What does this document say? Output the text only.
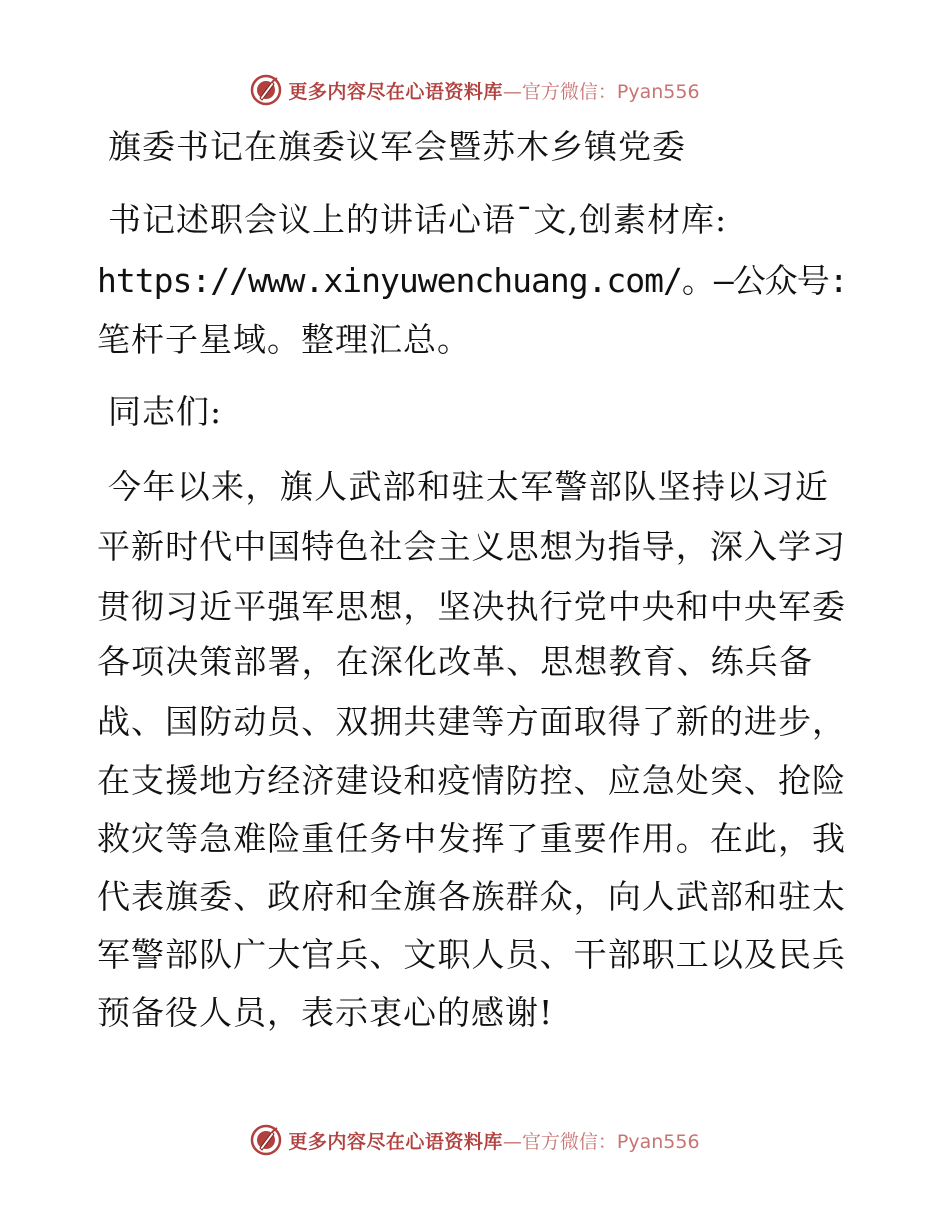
更多内容尽在心语资料库 —官方微信：Pyan556
旗委书记在旗委议军会暨苏木乡镇党委
书记述职会议上的讲话心语¯文,创素材库:
https://www.xinyuwenchuang.com/。—公众号:
笔杆子星域。整理汇总。
同志们:
今年以来，旗人武部和驻太军警部队坚持以习近
平新时代中国特色社会主义思想为指导，深入学习
贯彻习近平强军思想，坚决执行党中央和中央军委
各项决策部署，在深化改革、思想教育、练兵备
战、国防动员、双拥共建等方面取得了新的进步，
在支援地方经济建设和疫情防控、应急处突、抢险
救灾等急难险重任务中发挥了重要作用。在此，我
代表旗委、政府和全旗各族群众，向人武部和驻太
军警部队广大官兵、文职人员、干部职工以及民兵
预备役人员，表示衷心的感谢!
更多内容尽在心语资料库 —官方微信：Pyan556
